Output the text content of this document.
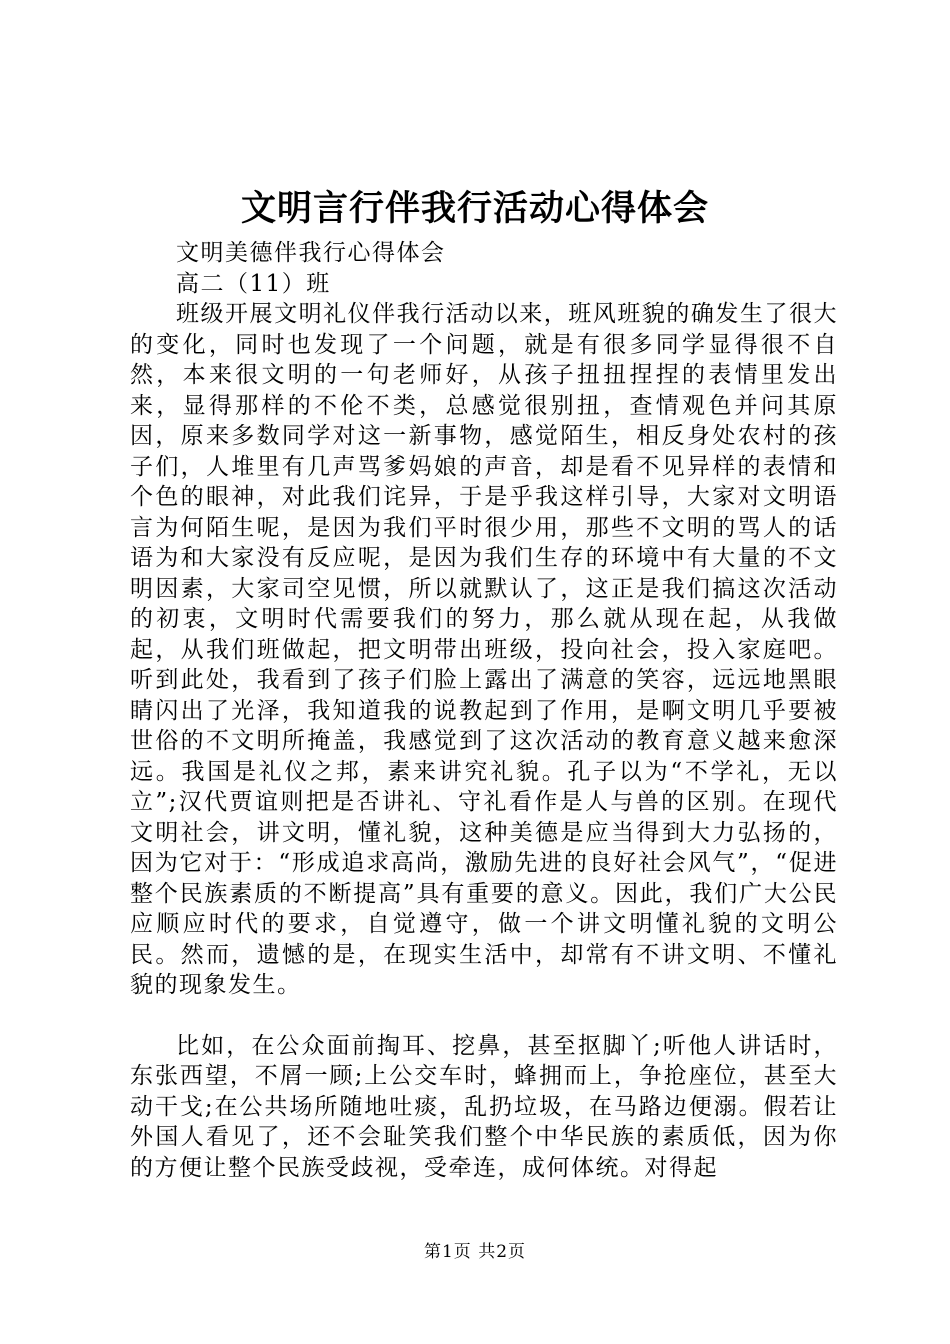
文明言行伴我行活动心得体会

文明美德伴我行心得体会

高二（11）班

班级开展文明礼仪伴我行活动以来，班风班貌的确发生了很大的变化，同时也发现了一个问题，就是有很多同学显得很不自然，本来很文明的一句老师好，从孩子扭扭捏捏的表情里发出来，显得那样的不伦不类，总感觉很别扭，查情观色并问其原因，原来多数同学对这一新事物，感觉陌生，相反身处农村的孩子们，人堆里有几声骂爹妈娘的声音，却是看不见异样的表情和个色的眼神，对此我们诧异，于是乎我这样引导，大家对文明语言为何陌生呢，是因为我们平时很少用，那些不文明的骂人的话语为和大家没有反应呢，是因为我们生存的环境中有大量的不文明因素，大家司空见惯，所以就默认了，这正是我们搞这次活动的初衷，文明时代需要我们的努力，那么就从现在起，从我做起，从我们班做起，把文明带出班级，投向社会，投入家庭吧。听到此处，我看到了孩子们脸上露出了满意的笑容，远远地黑眼睛闪出了光泽，我知道我的说教起到了作用，是啊文明几乎要被世俗的不文明所掩盖，我感觉到了这次活动的教育意义越来愈深远。我国是礼仪之邦，素来讲究礼貌。孔子以为“不学礼，无以立”;汉代贾谊则把是否讲礼、守礼看作是人与兽的区别。在现代文明社会，讲文明，懂礼貌，这种美德是应当得到大力弘扬的，因为它对于：“形成追求高尚，激励先进的良好社会风气”，“促进整个民族素质的不断提高”具有重要的意义。因此，我们广大公民应顺应时代的要求，自觉遵守，做一个讲文明懂礼貌的文明公民。然而，遗憾的是，在现实生活中，却常有不讲文明、不懂礼貌的现象发生。

比如，在公众面前掏耳、挖鼻，甚至抠脚丫;听他人讲话时，东张西望，不屑一顾;上公交车时，蜂拥而上，争抢座位，甚至大动干戈;在公共场所随地吐痰，乱扔垃圾，在马路边便溺。假若让外国人看见了，还不会耻笑我们整个中华民族的素质低，因为你的方便让整个民族受歧视，受牵连，成何体统。对得起

第1页 共2页
